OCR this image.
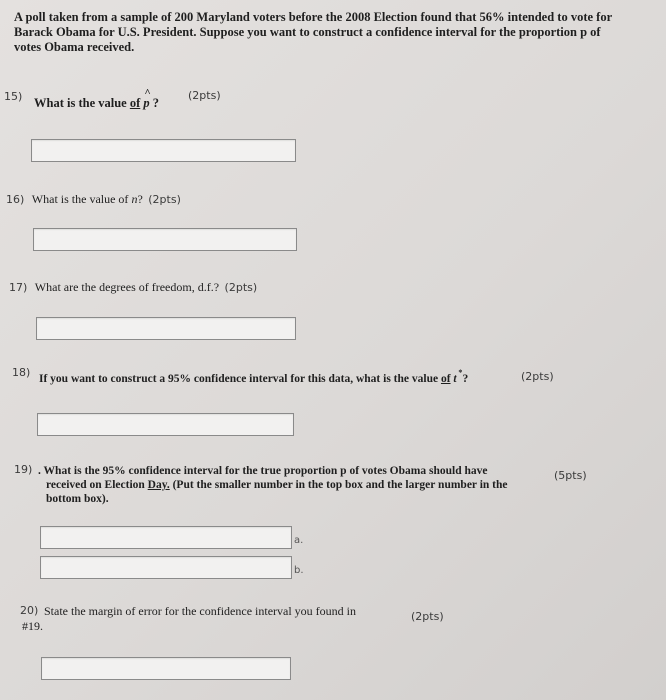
A poll taken from a sample of 200 Maryland voters before the 2008 Election found that 56% intended to vote for Barack Obama for U.S. President. Suppose you want to construct a confidence interval for the proportion p of votes Obama received.
15) What is the value of
^
p ?
(2pts)
16) What is the value of n? (2pts)
17) What are the degrees of freedom, d.f.? (2pts)
18) If you want to construct a 95% confidence interval for this data, what is the value of t
*
?	(2pts)
19) . What is the 95% confidence interval for the true proportion p of votes Obama should have
received on Election Day. (Put the smaller number in the top box and the larger number in the
bottom box).
(5pts)
a.
b.
20) State the margin of error for the confidence interval you found in
#19.
(2pts)
